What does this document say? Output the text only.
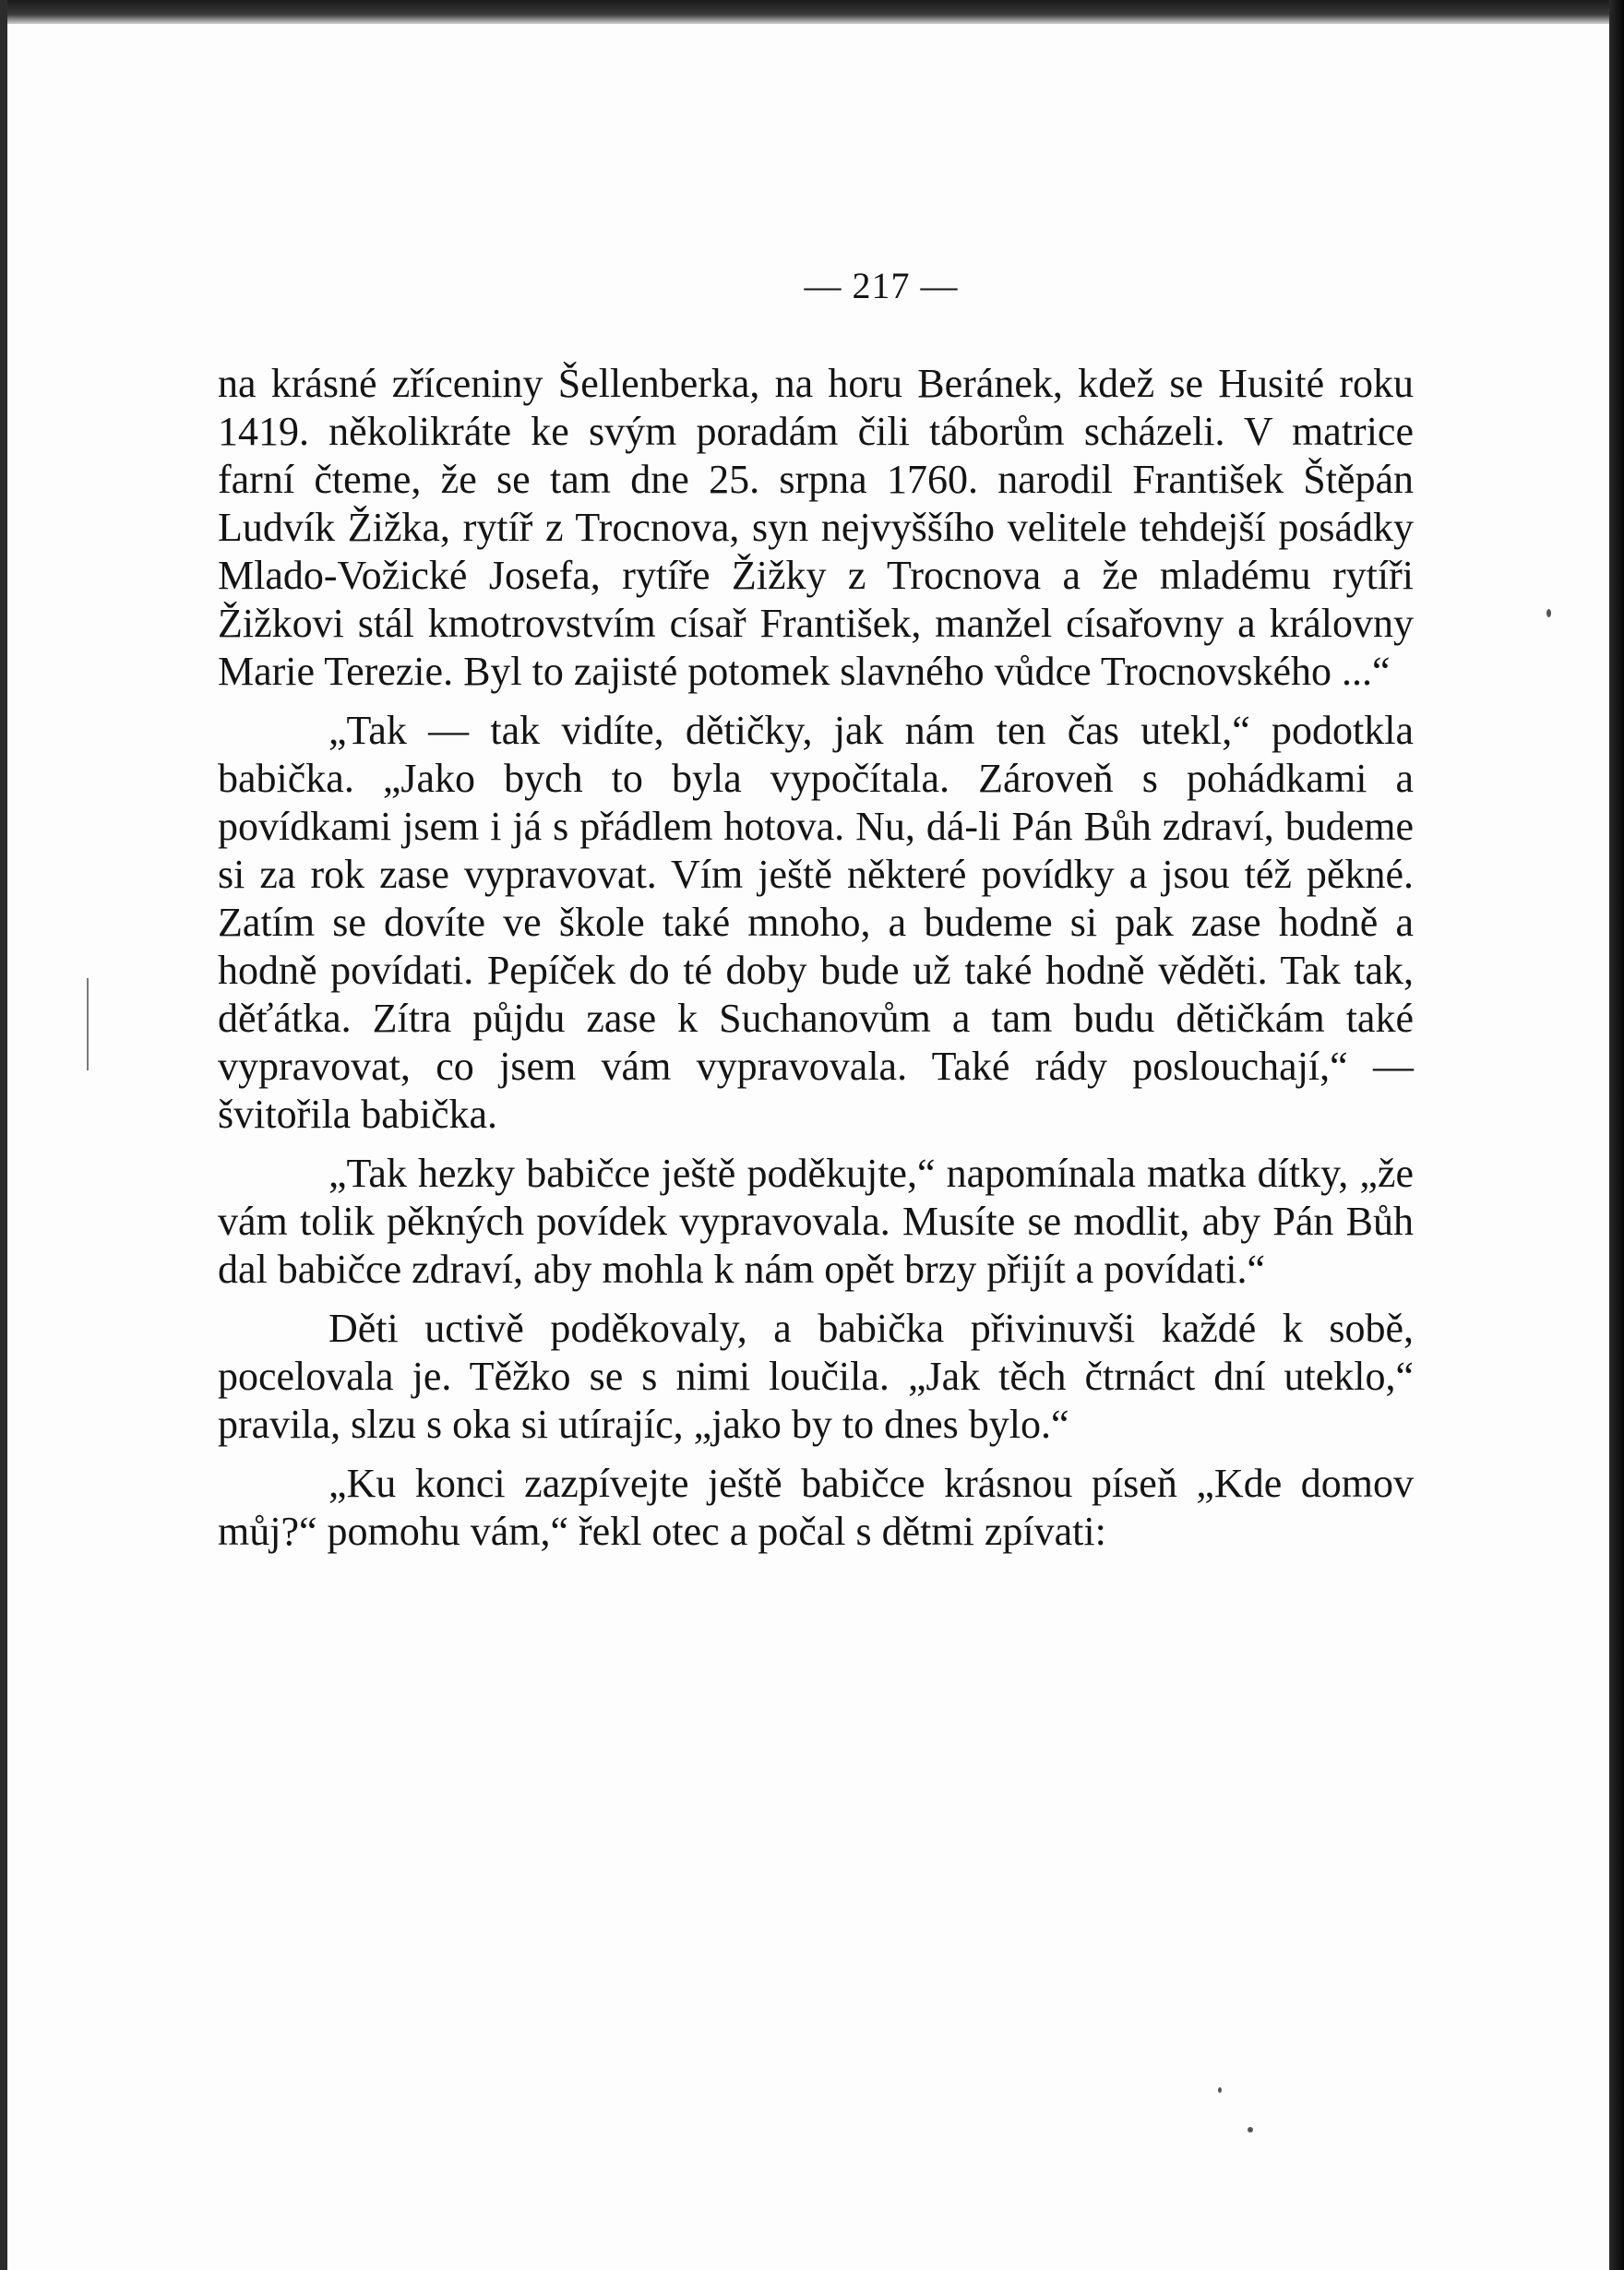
— 217 —

na krásné zříceniny Šellenberka, na horu Beránek, kdež se Husité roku 1419. několikráte ke svým poradám čili táborům scházeli. V matrice farní čteme, že se tam dne 25. srpna 1760. narodil František Štěpán Ludvík Žižka, rytíř z Trocnova, syn nejvyššího velitele tehdejší posádky Mlado-Vožické Josefa, rytíře Žižky z Trocnova a že mladému rytíři Žižkovi stál kmotrovstvím císař František, manžel císařovny a královny Marie Terezie. Byl to zajisté potomek slavného vůdce Trocnovského ...“

„Tak — tak vidíte, dětičky, jak nám ten čas utekl,“ podotkla babička. „Jako bych to byla vypočítala. Zároveň s pohádkami a povídkami jsem i já s přádlem hotova. Nu, dá-li Pán Bůh zdraví, budeme si za rok zase vypravovat. Vím ještě některé povídky a jsou též pěkné. Zatím se dovíte ve škole také mnoho, a budeme si pak zase hodně a hodně povídati. Pepíček do té doby bude už také hodně věděti. Tak tak, děťátka. Zítra půjdu zase k Suchanovům a tam budu dětičkám také vypravovat, co jsem vám vypravovala. Také rády poslouchají,“ — švitořila babička.

„Tak hezky babičce ještě poděkujte,“ napomínala matka dítky, „že vám tolik pěkných povídek vypravovala. Musíte se modlit, aby Pán Bůh dal babičce zdraví, aby mohla k nám opět brzy přijít a povídati.“

Děti uctivě poděkovaly, a babička přivinuvši každé k sobě, pocelovala je. Těžko se s nimi loučila. „Jak těch čtrnáct dní uteklo,“ pravila, slzu s oka si utírajíc, „jako by to dnes bylo.“

„Ku konci zazpívejte ještě babičce krásnou píseň „Kde domov můj?“ pomohu vám,“ řekl otec a počal s dětmi zpívati:
